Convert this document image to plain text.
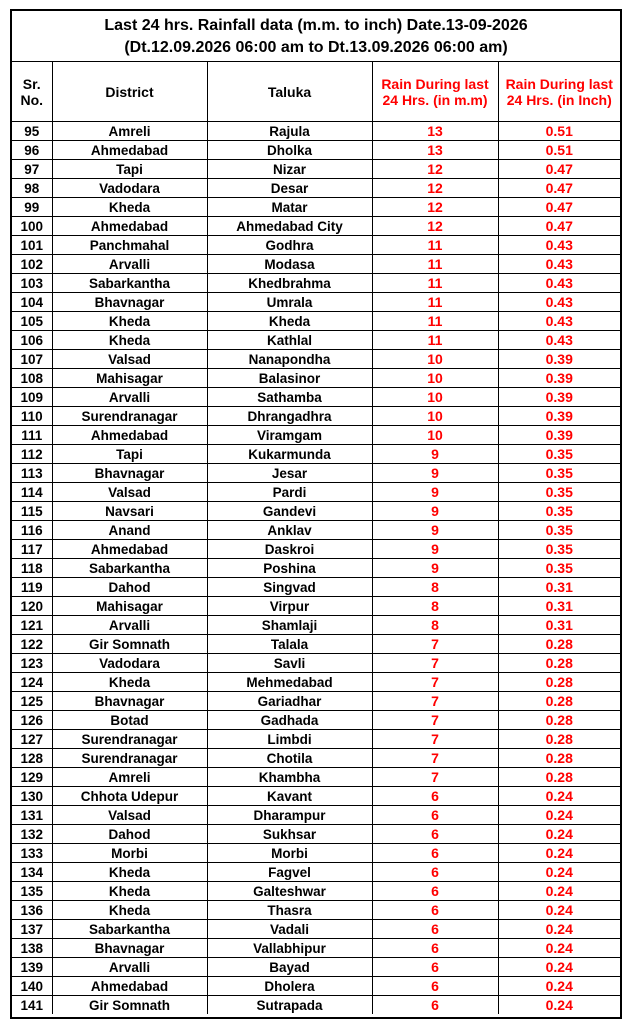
Last 24 hrs. Rainfall data (m.m. to inch) Date.13-09-2026
(Dt.12.09.2026 06:00 am to Dt.13.09.2026 06:00 am)
Sr. No.	District	Taluka	Rain During last 24 Hrs. (in m.m)	Rain During last 24 Hrs. (in Inch)
95	Amreli	Rajula	13	0.51
96	Ahmedabad	Dholka	13	0.51
97	Tapi	Nizar	12	0.47
98	Vadodara	Desar	12	0.47
99	Kheda	Matar	12	0.47
100	Ahmedabad	Ahmedabad City	12	0.47
101	Panchmahal	Godhra	11	0.43
102	Arvalli	Modasa	11	0.43
103	Sabarkantha	Khedbrahma	11	0.43
104	Bhavnagar	Umrala	11	0.43
105	Kheda	Kheda	11	0.43
106	Kheda	Kathlal	11	0.43
107	Valsad	Nanapondha	10	0.39
108	Mahisagar	Balasinor	10	0.39
109	Arvalli	Sathamba	10	0.39
110	Surendranagar	Dhrangadhra	10	0.39
111	Ahmedabad	Viramgam	10	0.39
112	Tapi	Kukarmunda	9	0.35
113	Bhavnagar	Jesar	9	0.35
114	Valsad	Pardi	9	0.35
115	Navsari	Gandevi	9	0.35
116	Anand	Anklav	9	0.35
117	Ahmedabad	Daskroi	9	0.35
118	Sabarkantha	Poshina	9	0.35
119	Dahod	Singvad	8	0.31
120	Mahisagar	Virpur	8	0.31
121	Arvalli	Shamlaji	8	0.31
122	Gir Somnath	Talala	7	0.28
123	Vadodara	Savli	7	0.28
124	Kheda	Mehmedabad	7	0.28
125	Bhavnagar	Gariadhar	7	0.28
126	Botad	Gadhada	7	0.28
127	Surendranagar	Limbdi	7	0.28
128	Surendranagar	Chotila	7	0.28
129	Amreli	Khambha	7	0.28
130	Chhota Udepur	Kavant	6	0.24
131	Valsad	Dharampur	6	0.24
132	Dahod	Sukhsar	6	0.24
133	Morbi	Morbi	6	0.24
134	Kheda	Fagvel	6	0.24
135	Kheda	Galteshwar	6	0.24
136	Kheda	Thasra	6	0.24
137	Sabarkantha	Vadali	6	0.24
138	Bhavnagar	Vallabhipur	6	0.24
139	Arvalli	Bayad	6	0.24
140	Ahmedabad	Dholera	6	0.24
141	Gir Somnath	Sutrapada	6	0.24
